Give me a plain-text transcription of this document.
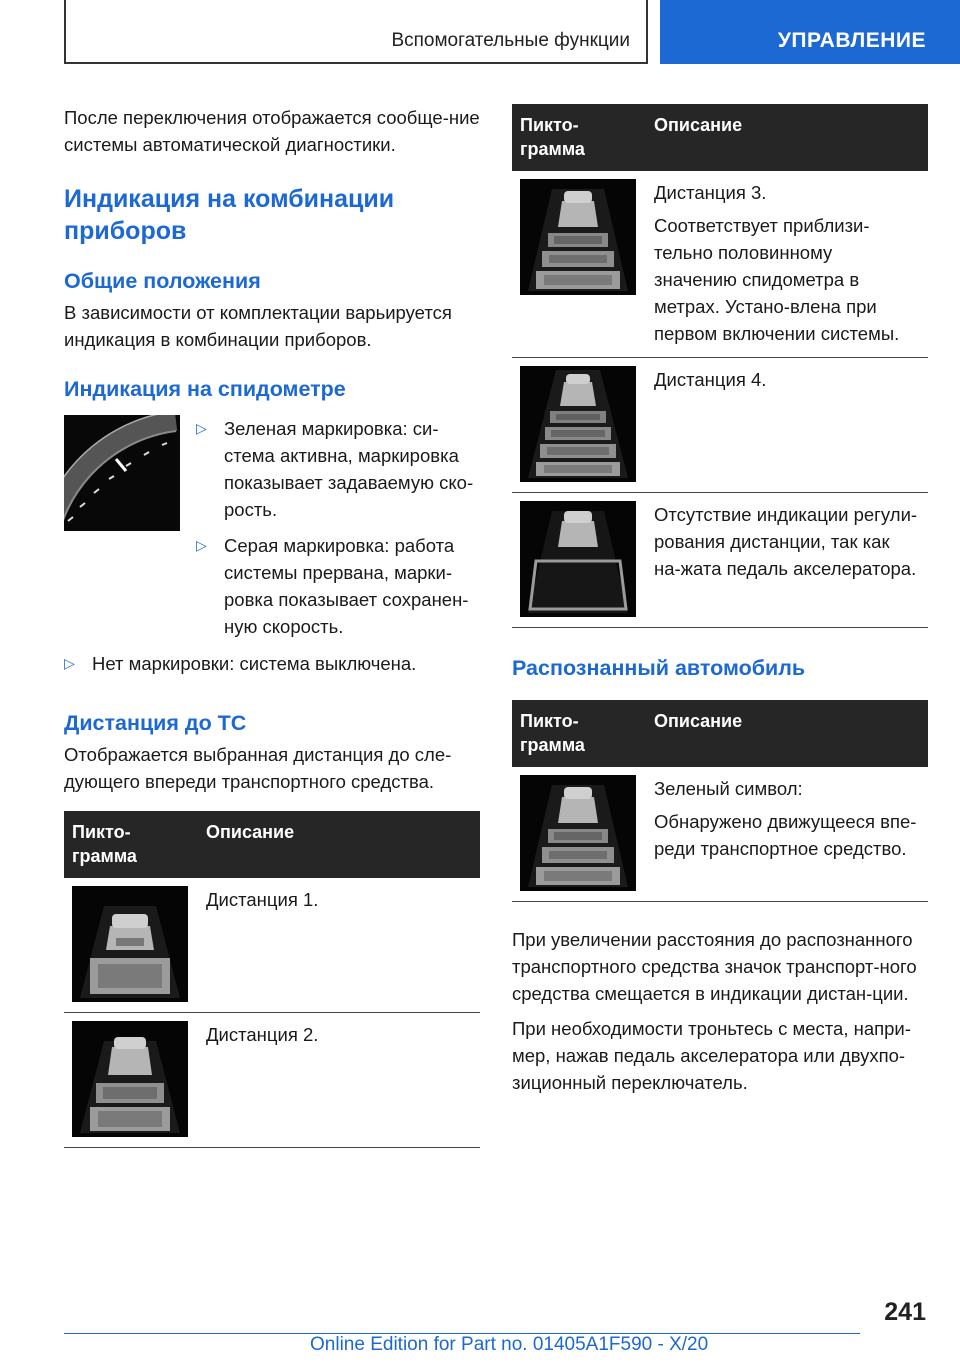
Вспомогательные функции	УПРАВЛЕНИЕ

После переключения отображается сообще-ние системы автоматической диагностики.

Индикация на комбинации приборов
Общие положения

В зависимости от комплектации варьируется индикация в комбинации приборов.

Индикация на спидометре
▷ Зеленая маркировка: си-стема активна, маркировка показывает задаваемую ско-рость.
▷ Серая маркировка: работа системы прервана, марки-ровка показывает сохранен-ную скорость.
▷ Нет маркировки: система выключена.
Дистанция до ТС

Отображается выбранная дистанция до сле-дующего впереди транспортного средства.

Пикто-грамма	Описание

	Дистанция 1.

	Дистанция 2.
Пикто-грамма	Описание

Дистанция 3.

Соответствует приблизи-тельно половинному значению спидометра в метрах. Устано-влена при первом включении системы.

	Дистанция 4.

	Отсутствие индикации регули-рования дистанции, так как на-жата педаль акселератора.
Распознанный автомобиль
Пикто-грамма	Описание

Зеленый символ:

Обнаружено движущееся впе-реди транспортное средство.

При увеличении расстояния до распознанного транспортного средства значок транспорт-ного средства смещается в индикации дистан-ции.

При необходимости троньтесь с места, напри-мер, нажав педаль акселератора или двухпо-зиционный переключатель.

241
Online Edition for Part no. 01405A1F590 - X/20
